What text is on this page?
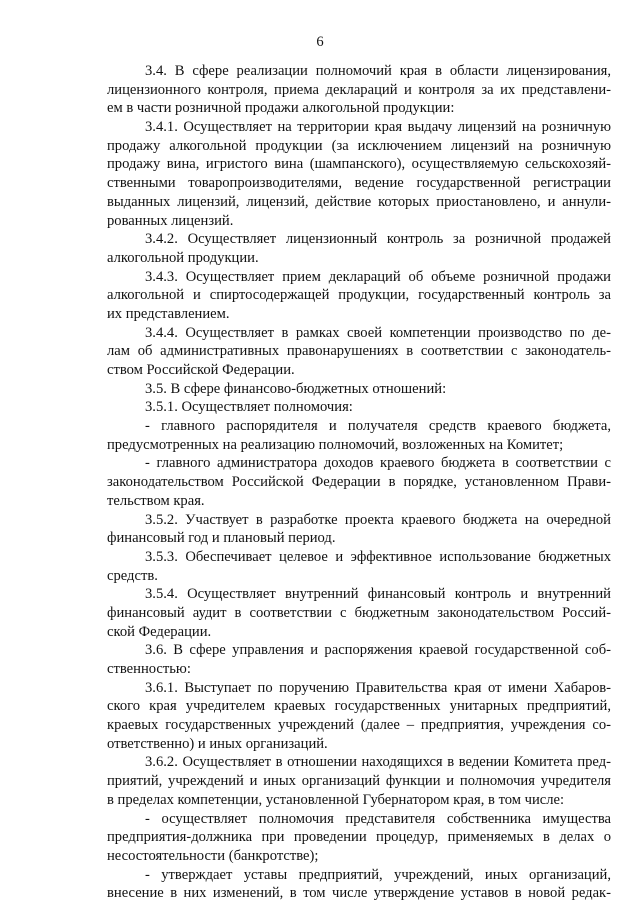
6
3.4. В сфере реализации полномочий края в области лицензирования,
лицензионного контроля, приема деклараций и контроля за их представлени-
ем в части розничной продажи алкогольной продукции:
3.4.1. Осуществляет на территории края выдачу лицензий на розничную
продажу алкогольной продукции (за исключением лицензий на розничную
продажу вина, игристого вина (шампанского), осуществляемую сельскохозяй-
ственными товаропроизводителями, ведение государственной регистрации
выданных лицензий, лицензий, действие которых приостановлено, и аннули-
рованных лицензий.
3.4.2. Осуществляет лицензионный контроль за розничной продажей
алкогольной продукции.
3.4.3. Осуществляет прием деклараций об объеме розничной продажи
алкогольной и спиртосодержащей продукции, государственный контроль за
их представлением.
3.4.4. Осуществляет в рамках своей компетенции производство по де-
лам об административных правонарушениях в соответствии с законодатель-
ством Российской Федерации.
3.5. В сфере финансово-бюджетных отношений:
3.5.1. Осуществляет полномочия:
- главного распорядителя и получателя средств краевого бюджета,
предусмотренных на реализацию полномочий, возложенных на Комитет;
- главного администратора доходов краевого бюджета в соответствии с
законодательством Российской Федерации в порядке, установленном Прави-
тельством края.
3.5.2. Участвует в разработке проекта краевого бюджета на очередной
финансовый год и плановый период.
3.5.3. Обеспечивает целевое и эффективное использование бюджетных
средств.
3.5.4. Осуществляет внутренний финансовый контроль и внутренний
финансовый аудит в соответствии с бюджетным законодательством Россий-
ской Федерации.
3.6. В сфере управления и распоряжения краевой государственной соб-
ственностью:
3.6.1. Выступает по поручению Правительства края от имени Хабаров-
ского края учредителем краевых государственных унитарных предприятий,
краевых государственных учреждений (далее – предприятия, учреждения со-
ответственно) и иных организаций.
3.6.2. Осуществляет в отношении находящихся в ведении Комитета пред-
приятий, учреждений и иных организаций функции и полномочия учредителя
в пределах компетенции, установленной Губернатором края, в том числе:
- осуществляет полномочия представителя собственника имущества
предприятия-должника при проведении процедур, применяемых в делах о
несостоятельности (банкротстве);
- утверждает уставы предприятий, учреждений, иных организаций,
внесение в них изменений, в том числе утверждение уставов в новой редак-
